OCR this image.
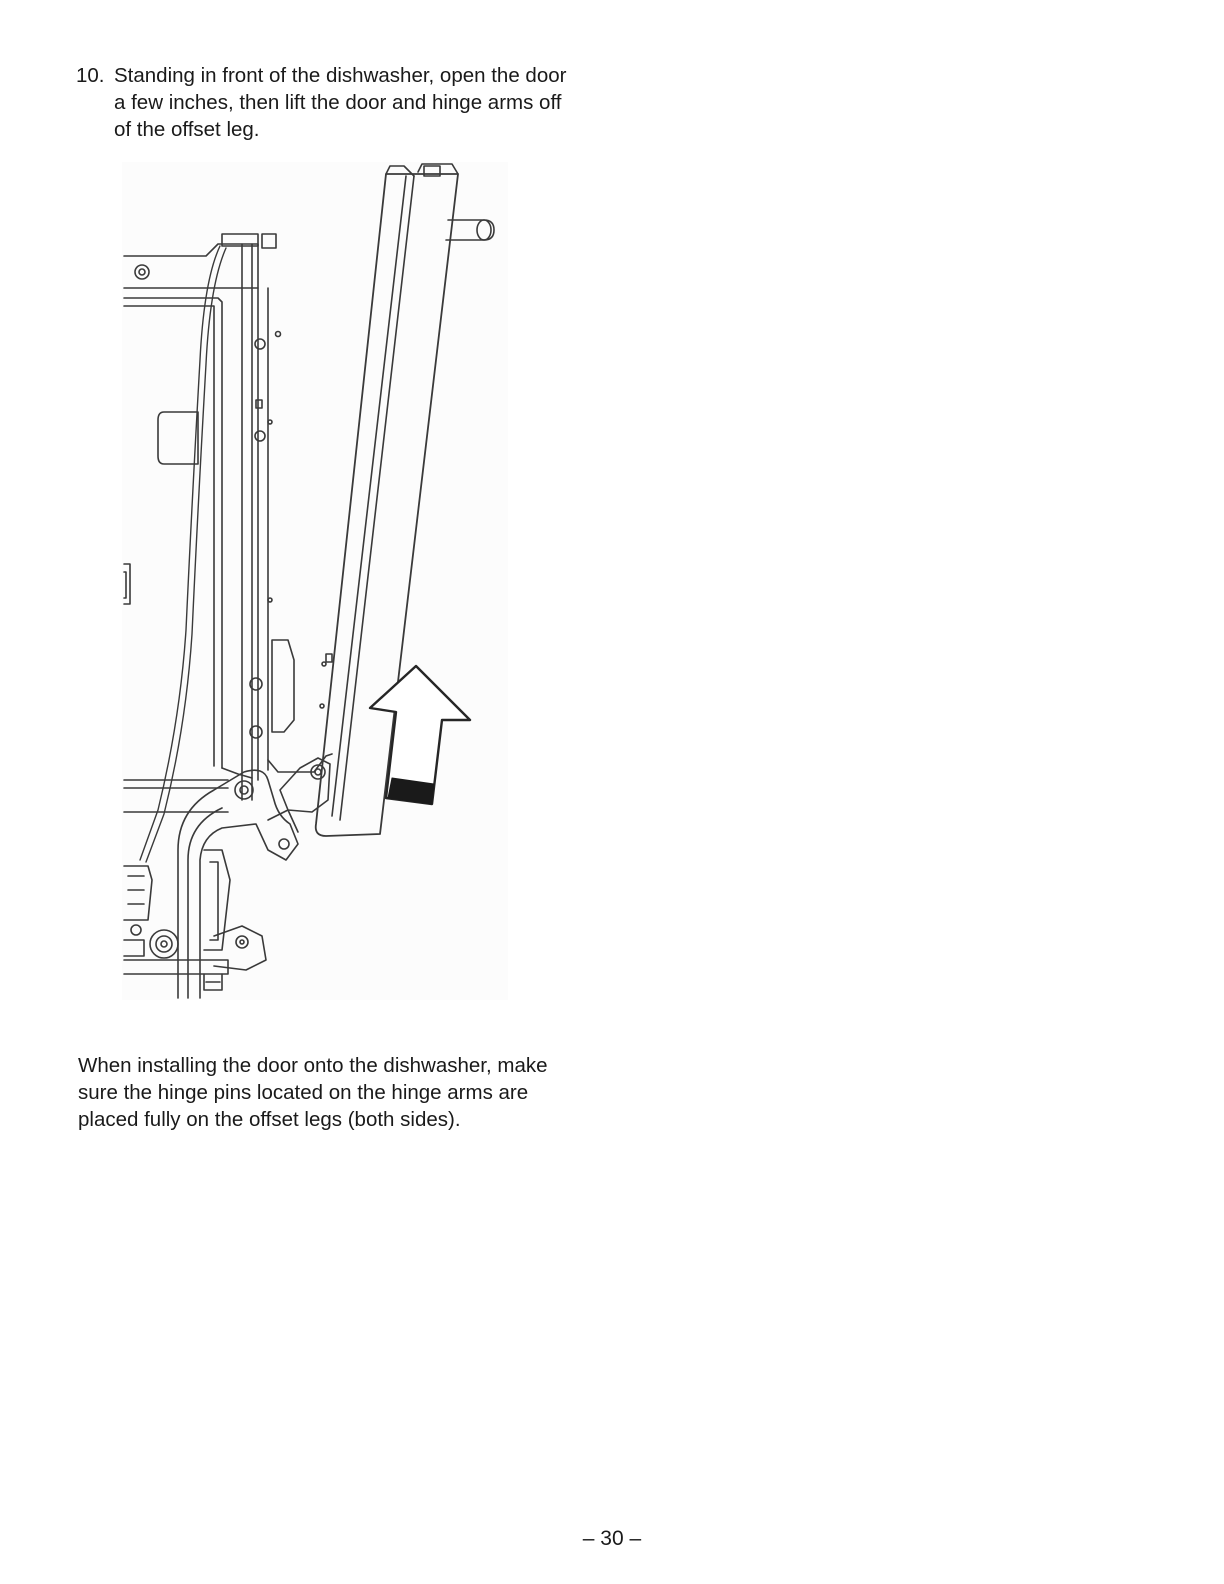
10. Standing in front of the dishwasher, open the door a few inches, then lift the door and hinge arms off of the offset leg.
When installing the door onto the dishwasher, make sure the hinge pins located on the hinge arms are placed fully on the offset legs (both sides).
– 30 –
